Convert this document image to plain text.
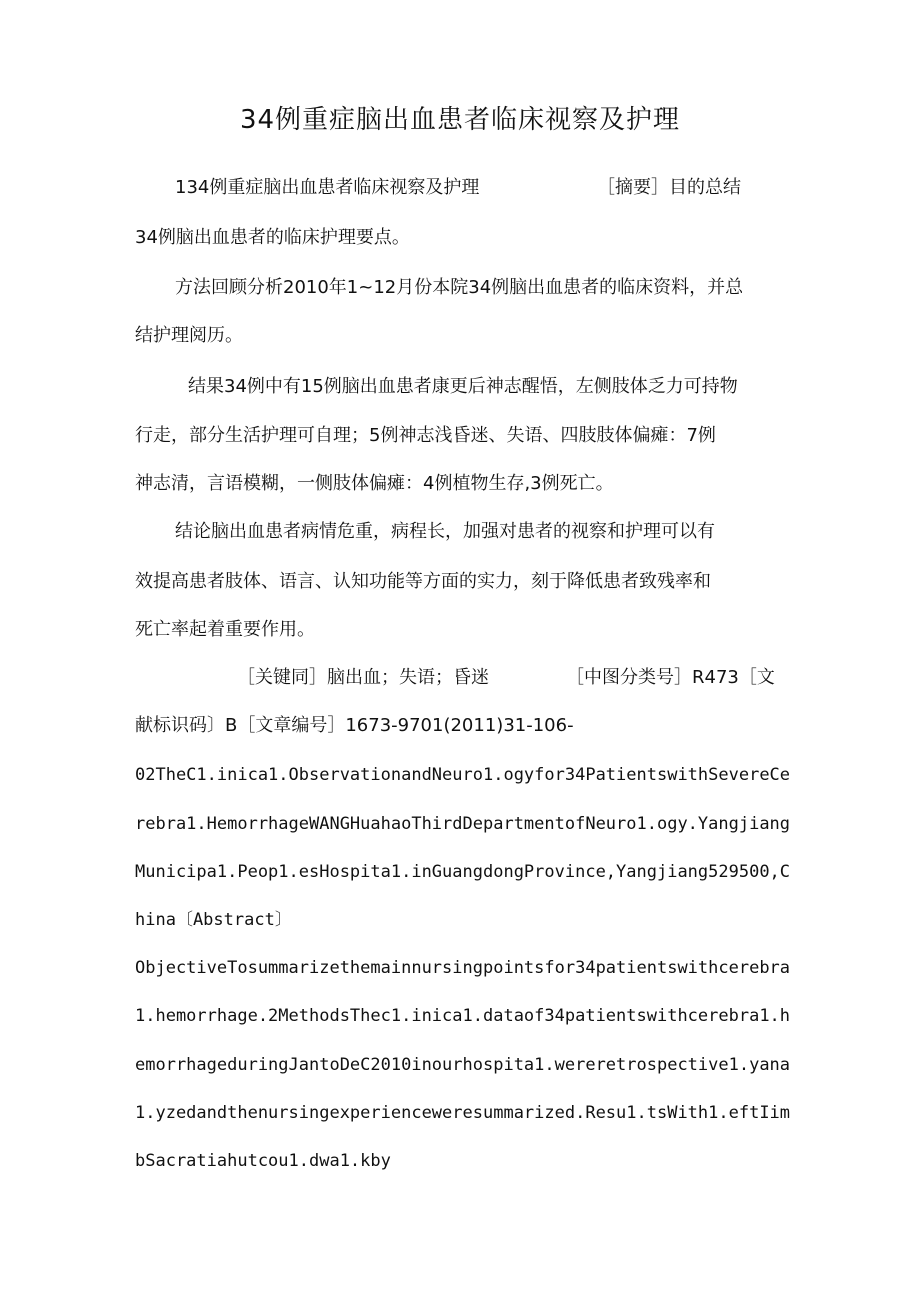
34例重症脑出血患者临床视察及护理
134例重症脑出血患者临床视察及护理	［摘要］目的总结
34例脑出血患者的临床护理要点。
方法回顾分析2010年1~12月份本院34例脑出血患者的临床资料，并总
结护理阅历。
结果34例中有15例脑出血患者康更后神志醒悟，左侧肢体乏力可持物
行走，部分生活护理可自理；5例神志浅昏迷、失语、四肢肢体偏瘫：7例
神志清，言语模糊，一侧肢体偏瘫：4例植物生存,3例死亡。
结论脑出血患者病情危重，病程长，加强对患者的视察和护理可以有
效提高患者肢体、语言、认知功能等方面的实力，刻于降低患者致残率和
死亡率起着重要作用。
［关键同］脑出血；失语；昏迷	［中图分类号］R473［文
献标识码〕B［文章编号］1673-9701(2011)31-106-
02TheC1.inica1.ObservationandNeuro1.ogyfor34PatientswithSevereCe
rebra1.HemorrhageWANGHuahaoThirdDepartmentofNeuro1.ogy.Yangjiang
Municipa1.Peop1.esHospita1.inGuangdongProvince,Yangjiang529500,C
hina〔Abstract〕
ObjectiveTosummarizethemainnursingpointsfor34patientswithcerebra
1.hemorrhage.2MethodsThec1.inica1.dataof34patientswithcerebra1.h
emorrhageduringJantoDeC2010inourhospita1.wereretrospective1.yana
1.yzedandthenursingexperienceweresummarized.Resu1.tsWith1.eftIim
bSacratiahutcou1.dwa1.kby
